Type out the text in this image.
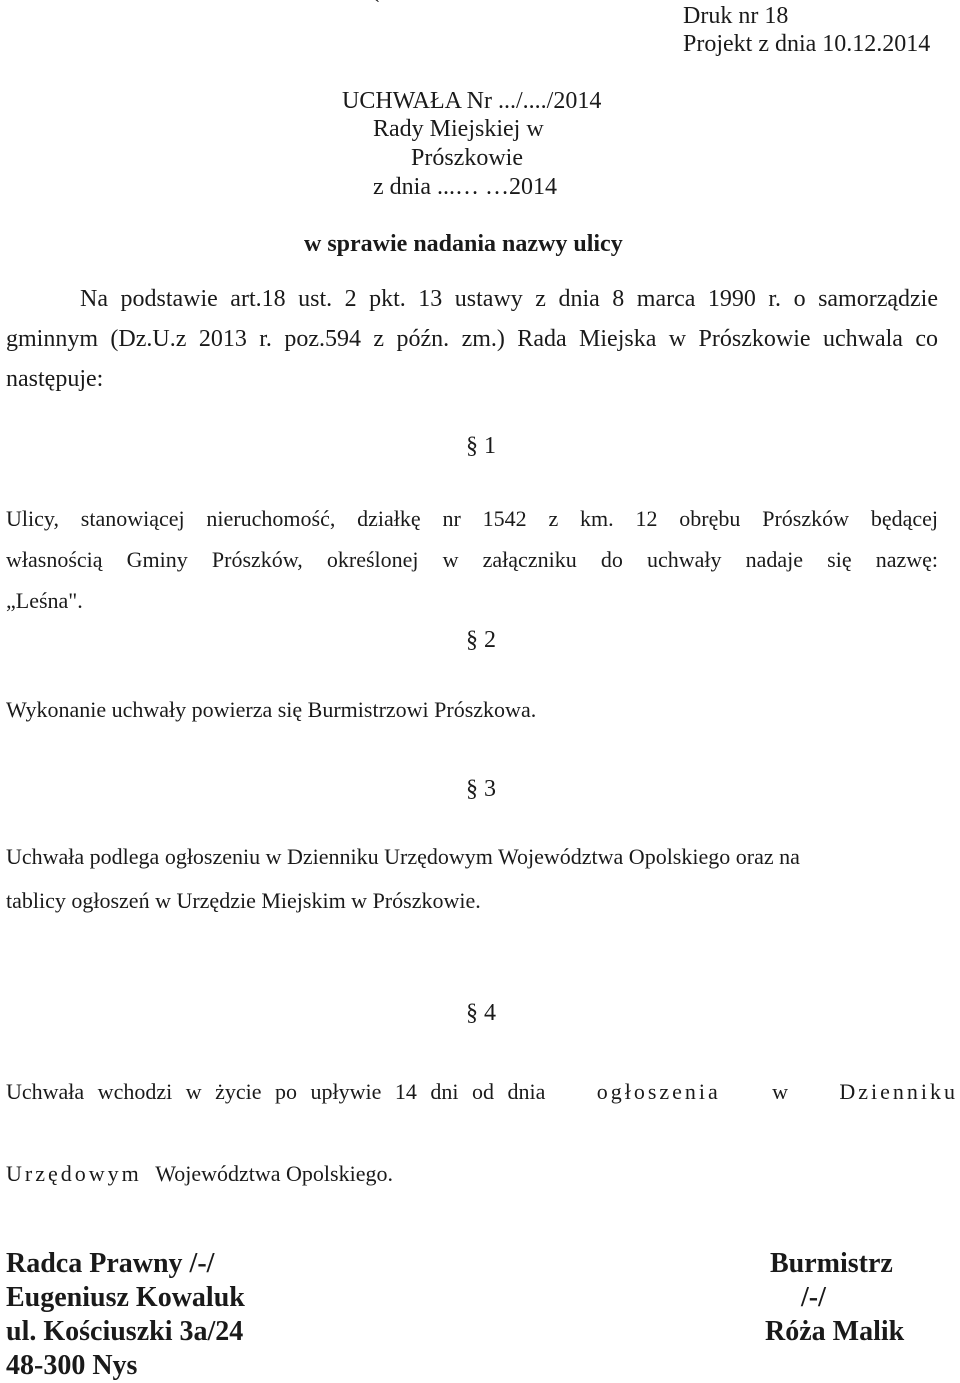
`	Druk nr 18
Projekt z dnia 10.12.2014
UCHWAŁA Nr .../..../2014
Rady Miejskiej w
Prószkowie
z dnia ...… …2014
w sprawie nadania nazwy ulicy
Na podstawie art.18 ust. 2 pkt. 13 ustawy z dnia 8 marca 1990 r. o samorządzie
gminnym (Dz.U.z 2013 r. poz.594 z późn. zm.) Rada Miejska w Prószkowie uchwala co
następuje:
§ 1
Ulicy, stanowiącej nieruchomość, działkę nr 1542 z km. 12 obrębu Prószków będącej
własnością Gminy Prószków, określonej w załączniku do uchwały nadaje się nazwę:
„Leśna".
§ 2
Wykonanie uchwały powierza się Burmistrzowi Prószkowa.
§ 3
Uchwała podlega ogłoszeniu w Dzienniku Urzędowym Województwa Opolskiego oraz na
tablicy ogłoszeń w Urzędzie Miejskim w Prószkowie.
§ 4
Uchwała wchodzi w życie po upływie 14 dni od dnia ogłoszenia w Dzienniku
Urzędowym Województwa Opolskiego.
Radca Prawny /-/
Eugeniusz Kowaluk
ul. Kościuszki 3a/24
48-300 Nys
Burmistrz
/-/
Róża Malik
